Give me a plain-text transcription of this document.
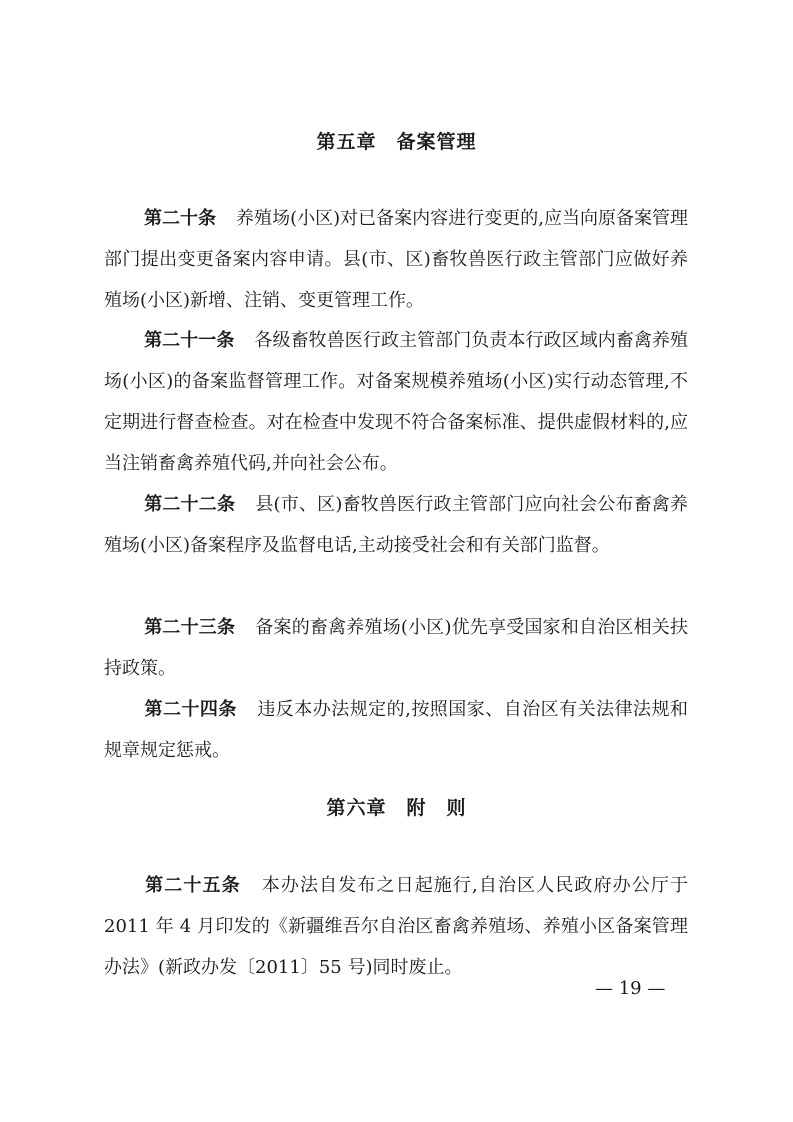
第五章　备案管理

第二十条 养殖场(小区)对已备案内容进行变更的,应当向原备案管理部门提出变更备案内容申请。县(市、区)畜牧兽医行政主管部门应做好养殖场(小区)新增、注销、变更管理工作。

第二十一条 各级畜牧兽医行政主管部门负责本行政区域内畜禽养殖场(小区)的备案监督管理工作。对备案规模养殖场(小区)实行动态管理,不定期进行督查检查。对在检查中发现不符合备案标准、提供虚假材料的,应当注销畜禽养殖代码,并向社会公布。

第二十二条 县(市、区)畜牧兽医行政主管部门应向社会公布畜禽养殖场(小区)备案程序及监督电话,主动接受社会和有关部门监督。

第二十三条 备案的畜禽养殖场(小区)优先享受国家和自治区相关扶持政策。

第二十四条 违反本办法规定的,按照国家、自治区有关法律法规和规章规定惩戒。

第六章　附　则

第二十五条 本办法自发布之日起施行,自治区人民政府办公厅于 2011 年 4 月印发的《新疆维吾尔自治区畜禽养殖场、养殖小区备案管理办法》(新政办发〔2011〕55 号)同时废止。

— 19 —
